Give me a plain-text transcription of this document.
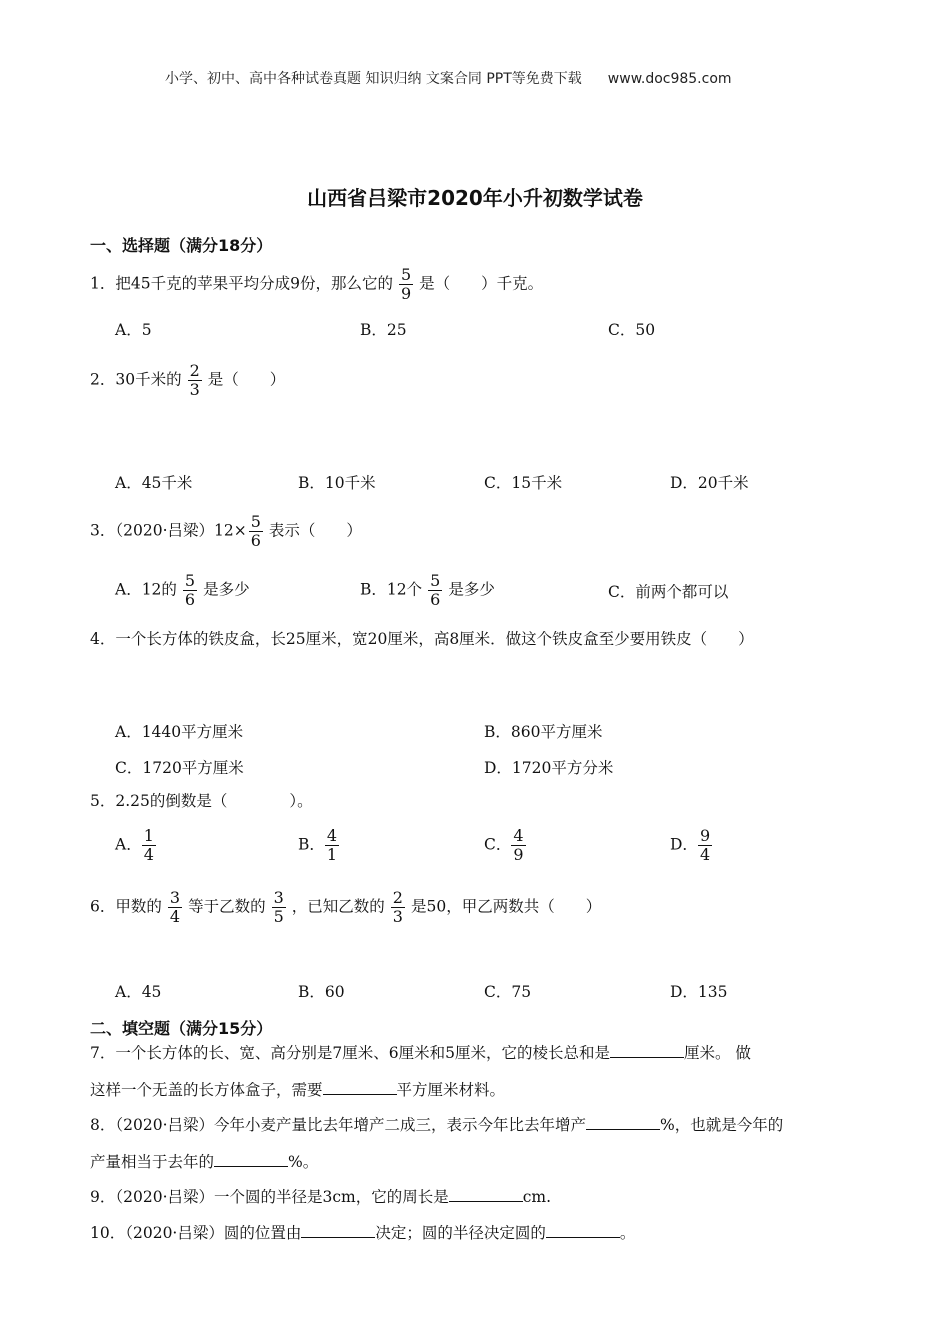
小学、初中、高中各种试卷真题 知识归纳 文案合同 PPT等免费下载 www.doc985.com
山西省吕梁市2020年小升初数学试卷
一、选择题（满分18分）
1．把45千克的苹果平均分成9份，那么它的 $\frac{5}{9}$ 是（　　）千克。
A．5	B．25	C．50
2．30千米的 $\frac{2}{3}$ 是（　　）
A．45千米	B．10千米	C．15千米	D．20千米
3．（2020·吕梁）$12\times \frac{5}{6}$ 表示（　　）
A．12的 $\frac{5}{6}$ 是多少	B．12个 $\frac{5}{6}$ 是多少	C．前两个都可以
4．一个长方体的铁皮盒，长25厘米，宽20厘米，高8厘米．做这个铁皮盒至少要用铁皮（　　）
A．1440平方厘米	B．860平方厘米
C．1720平方厘米	D．1720平方分米
5．2.25的倒数是（　　　　）。
A． $\frac{1}{4}$	B． $\frac{4}{1}$	C． $\frac{4}{9}$	D． $\frac{9}{4}$
6．甲数的 $\frac{3}{4}$ 等于乙数的 $\frac{3}{5}$ ，已知乙数的 $\frac{2}{3}$ 是50，甲乙两数共（　　）
A．45	B．60	C．75	D．135
二、填空题（满分15分）
7．一个长方体的长、宽、高分别是7厘米、6厘米和5厘米，它的棱长总和是	厘米。 做
这样一个无盖的长方体盒子，需要	平方厘米材料。
8．（2020·吕梁）今年小麦产量比去年增产二成三，表示今年比去年增产	%，也就是今年的
产量相当于去年的	%。
9．（2020·吕梁）一个圆的半径是3cm，它的周长是	cm.
10．（2020·吕梁）圆的位置由	决定；圆的半径决定圆的	。
